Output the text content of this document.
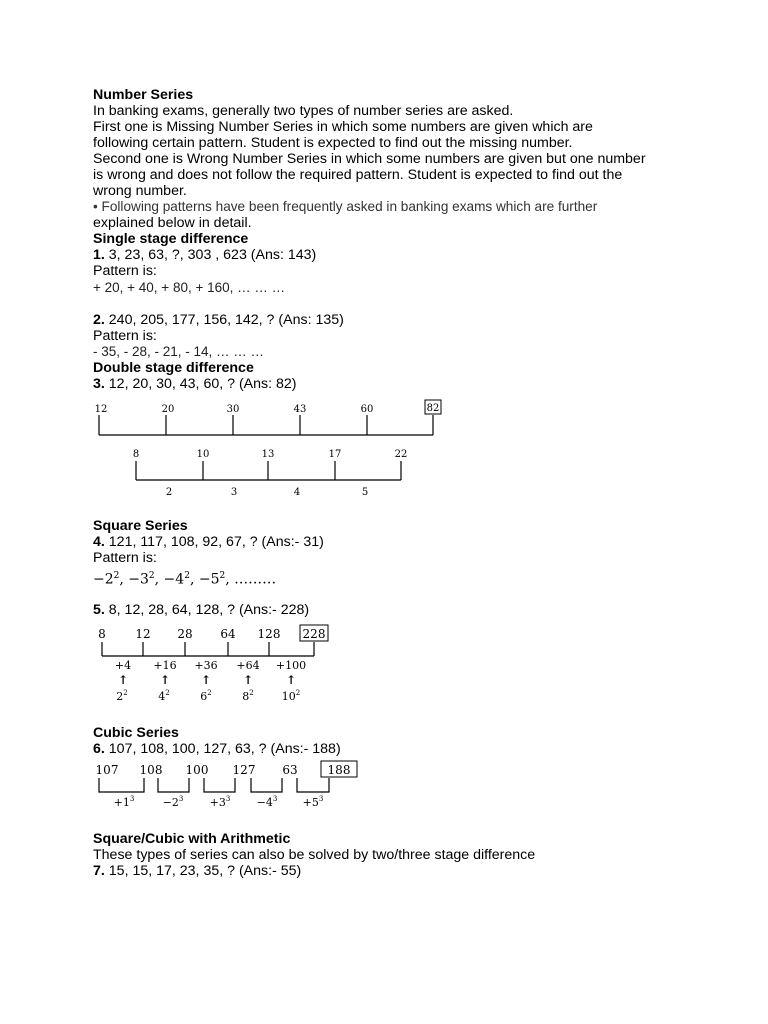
Number Series
In banking exams, generally two types of number series are asked.
First one is Missing Number Series in which some numbers are given which are
following certain pattern. Student is expected to find out the missing number.
Second one is Wrong Number Series in which some numbers are given but one number
is wrong and does not follow the required pattern. Student is expected to find out the
wrong number.
• Following patterns have been frequently asked in banking exams which are further
explained below in detail.
Single stage difference
1. 3, 23, 63, ?, 303 , 623 (Ans: 143)
Pattern is:
+ 20, + 40, + 80, + 160, … … …
2. 240, 205, 177, 156, 142, ? (Ans: 135)
Pattern is:
- 35, - 28, - 21, - 14, … … …
Double stage difference
3. 12, 20, 30, 43, 60, ? (Ans: 82)
12	20	30	43	60	82
8	10	13	17	22
2	3	4	5
Square Series
4. 121, 117, 108, 92, 67, ? (Ans:- 31)
Pattern is:
$-2^2$, $-3^2$, $-4^2$, $-5^2$, ………
5. 8, 12, 28, 64, 128, ? (Ans:- 228)
8 12 28 64 128 228
+4 +16 +36 +64 +100
↑	↑	↑	↑	↑
$2^2$	$4^2$	$6^2$	$8^2$	$10^2$
Cubic Series
6. 107, 108, 100, 127, 63, ? (Ans:- 188)
107 108 100 127 63 188
$+1^3$	$-2^3 +3^3 -4^3 +5^3$
Square/Cubic with Arithmetic
These types of series can also be solved by two/three stage difference
7. 15, 15, 17, 23, 35, ? (Ans:- 55)
